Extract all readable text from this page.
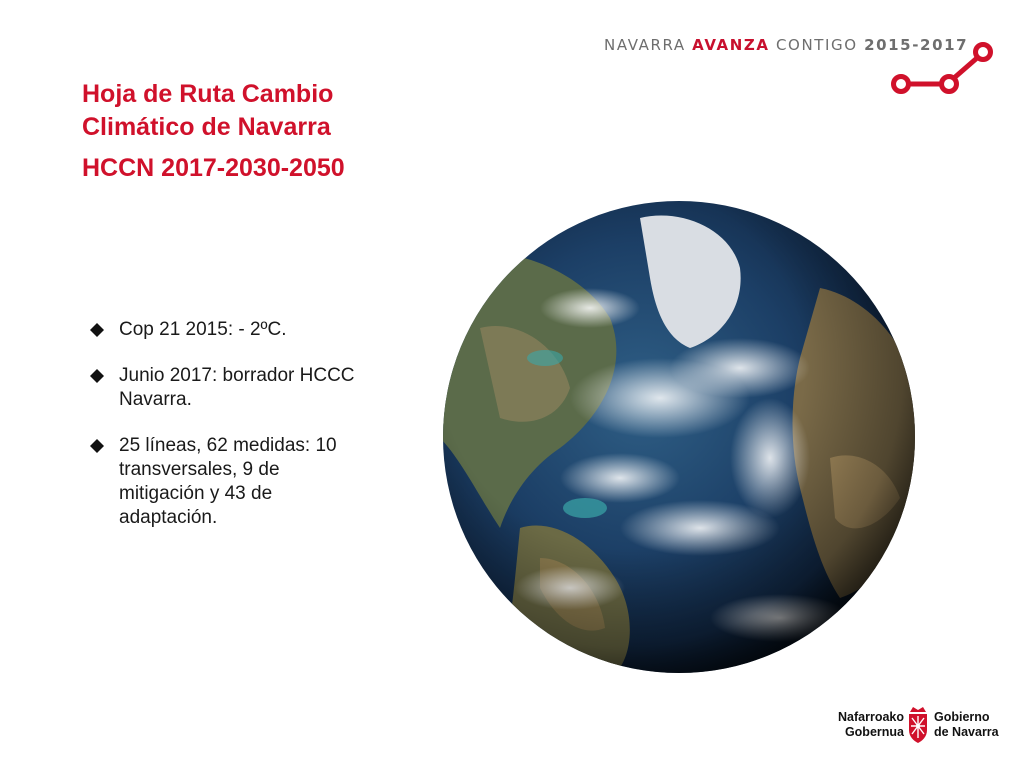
NAVARRA AVANZA CONTIGO 2015-2017
Hoja de Ruta Cambio
Climático de Navarra
HCCN 2017-2030-2050
Cop 21 2015: - 2ºC.
Junio 2017: borrador HCCC
Navarra.
25 líneas, 62 medidas: 10
transversales, 9 de
mitigación y 43 de
adaptación.
Nafarroako
Gobernua
Gobierno
de Navarra
